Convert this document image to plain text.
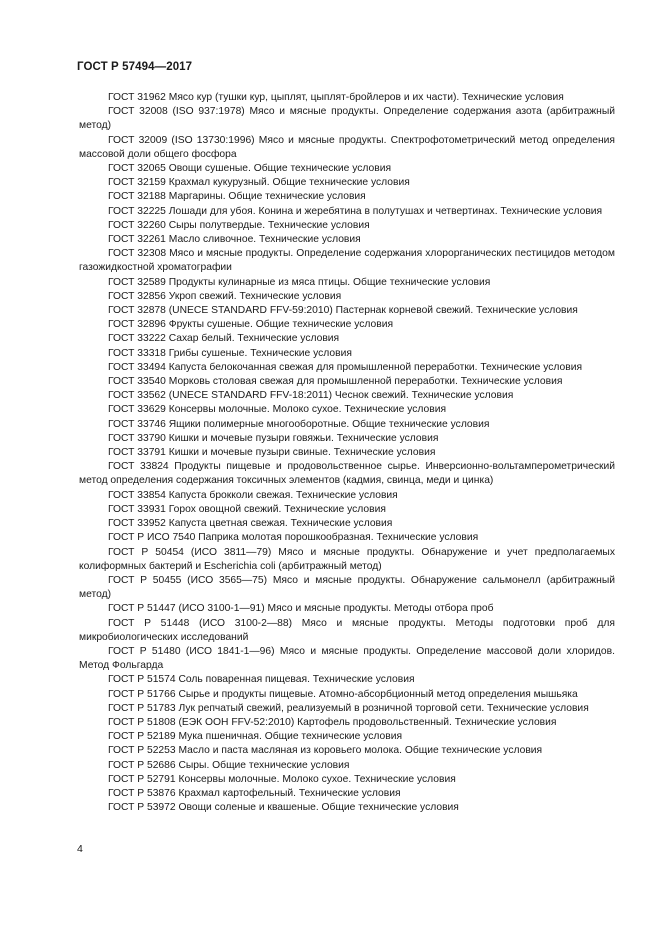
ГОСТ Р 57494—2017

ГОСТ 31962 Мясо кур (тушки кур, цыплят, цыплят-бройлеров и их части). Технические условия

ГОСТ 32008 (ISO 937:1978) Мясо и мясные продукты. Определение содержания азота (арбитражный метод)

ГОСТ 32009 (ISO 13730:1996) Мясо и мясные продукты. Спектрофотометрический метод определения массовой доли общего фосфора

ГОСТ 32065 Овощи сушеные. Общие технические условия

ГОСТ 32159 Крахмал кукурузный. Общие технические условия

ГОСТ 32188 Маргарины. Общие технические условия

ГОСТ 32225 Лошади для убоя. Конина и жеребятина в полутушах и четвертинах. Технические условия

ГОСТ 32260 Сыры полутвердые. Технические условия

ГОСТ 32261 Масло сливочное. Технические условия

ГОСТ 32308 Мясо и мясные продукты. Определение содержания хлорорганических пестицидов методом газожидкостной хроматографии

ГОСТ 32589 Продукты кулинарные из мяса птицы. Общие технические условия

ГОСТ 32856 Укроп свежий. Технические условия

ГОСТ 32878 (UNECE STANDARD FFV-59:2010) Пастернак корневой свежий. Технические условия

ГОСТ 32896 Фрукты сушеные. Общие технические условия

ГОСТ 33222 Сахар белый. Технические условия

ГОСТ 33318 Грибы сушеные. Технические условия

ГОСТ 33494 Капуста белокочанная свежая для промышленной переработки. Технические условия

ГОСТ 33540 Морковь столовая свежая для промышленной переработки. Технические условия

ГОСТ 33562 (UNECE STANDARD FFV-18:2011) Чеснок свежий. Технические условия

ГОСТ 33629 Консервы молочные. Молоко сухое. Технические условия

ГОСТ 33746 Ящики полимерные многооборотные. Общие технические условия

ГОСТ 33790 Кишки и мочевые пузыри говяжьи. Технические условия

ГОСТ 33791 Кишки и мочевые пузыри свиные. Технические условия

ГОСТ 33824 Продукты пищевые и продовольственное сырье. Инверсионно-вольтамперометрический метод определения содержания токсичных элементов (кадмия, свинца, меди и цинка)

ГОСТ 33854 Капуста брокколи свежая. Технические условия

ГОСТ 33931 Горох овощной свежий. Технические условия

ГОСТ 33952 Капуста цветная свежая. Технические условия

ГОСТ Р ИСО 7540 Паприка молотая порошкообразная. Технические условия

ГОСТ Р 50454 (ИСО 3811—79) Мясо и мясные продукты. Обнаружение и учет предполагаемых колиформных бактерий и Escherichia coli (арбитражный метод)

ГОСТ Р 50455 (ИСО 3565—75) Мясо и мясные продукты. Обнаружение сальмонелл (арбитражный метод)

ГОСТ Р 51447 (ИСО 3100-1—91) Мясо и мясные продукты. Методы отбора проб

ГОСТ Р 51448 (ИСО 3100-2—88) Мясо и мясные продукты. Методы подготовки проб для микробиологических исследований

ГОСТ Р 51480 (ИСО 1841-1—96) Мясо и мясные продукты. Определение массовой доли хлоридов. Метод Фольгарда

ГОСТ Р 51574 Соль поваренная пищевая. Технические условия

ГОСТ Р 51766 Сырье и продукты пищевые. Атомно-абсорбционный метод определения мышьяка

ГОСТ Р 51783 Лук репчатый свежий, реализуемый в розничной торговой сети. Технические условия

ГОСТ Р 51808 (ЕЭК ООН FFV-52:2010) Картофель продовольственный. Технические условия

ГОСТ Р 52189 Мука пшеничная. Общие технические условия

ГОСТ Р 52253 Масло и паста масляная из коровьего молока. Общие технические условия

ГОСТ Р 52686 Сыры. Общие технические условия

ГОСТ Р 52791 Консервы молочные. Молоко сухое. Технические условия

ГОСТ Р 53876 Крахмал картофельный. Технические условия

ГОСТ Р 53972 Овощи соленые и квашеные. Общие технические условия

4
